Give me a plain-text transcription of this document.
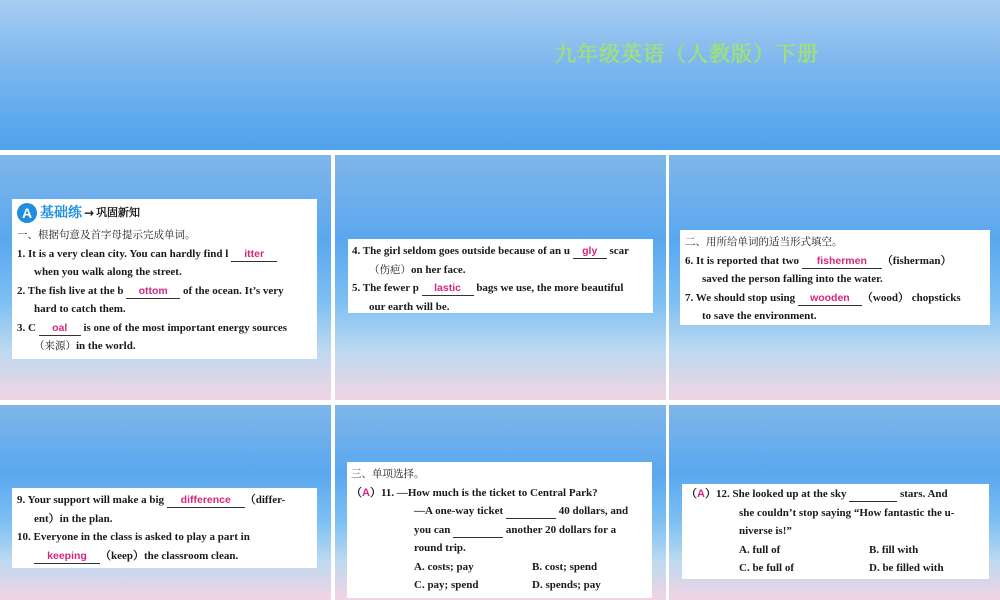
九年级英语（人教版）下册
A 基础练 → 巩固新知
一、根据句意及首字母提示完成单词。
1. It is a very clean city. You can hardly find l itter
when you walk along the street.
2. The fish live at the b ottom of the ocean. It’s very
hard to catch them.
3. C oal is one of the most important energy sources
（来源）in the world.
4. The girl seldom goes outside because of an u gly scar
（伤疤）on her face.
5. The fewer p lastic bags we use, the more beautiful
our earth will be.
二、用所给单词的适当形式填空。
6. It is reported that two fishermen （fisherman）
saved the person falling into the water.
7. We should stop using wooden （wood） chopsticks
to save the environment.
9. Your support will make a big difference （differ-
ent）in the plan.
10. Everyone in the class is asked to play a part in
keeping （keep）the classroom clean.
三、单项选择。
（A）11. —How much is the ticket to Central Park?
—A one-way ticket	40 dollars, and
you can	another 20 dollars for a
round trip.
A. costs; pay	B. cost; spend
C. pay; spend	D. spends; pay
（A）12. She looked up at the sky	stars. And
she couldn’t stop saying “How fantastic the u-
niverse is!”
A. full of	B. fill with
C. be full of	D. be filled with
